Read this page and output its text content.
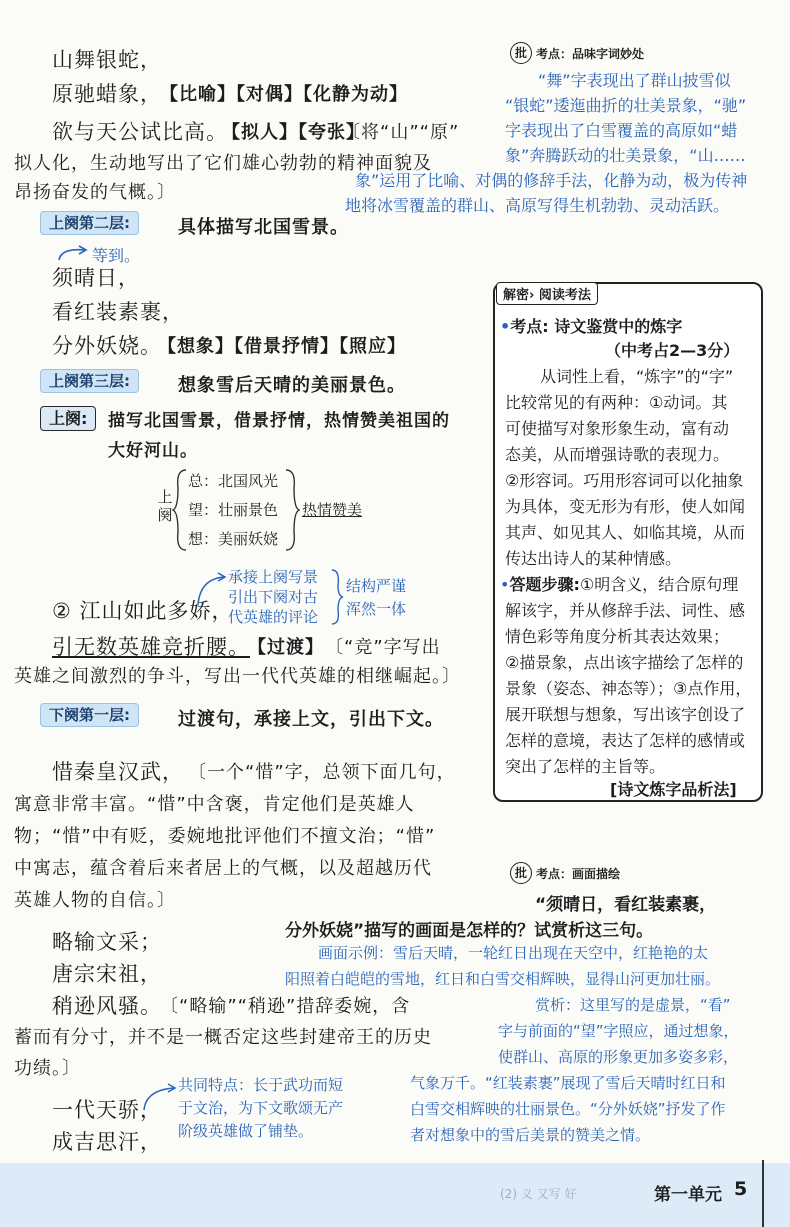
山舞银蛇，
原驰蜡象，
【比喻】【对偶】【化静为动】
欲与天公试比高。
【拟人】【夸张】
〔将“山”“原”
拟人化，生动地写出了它们雄心勃勃的精神面貌及
昂扬奋发的气概。〕
上阕第二层:	具体描写北国雪景。
等到。
须晴日，
看红装素裹，
分外妖娆。
【想象】【借景抒情】【照应】
上阕第三层:	想象雪后天晴的美丽景色。
上阕:	描写北国雪景，借景抒情，热情赞美祖国的
大好河山。
上阕
总：北国风光
望：壮丽景色
想：美丽妖娆
热情赞美
② 江山如此多娇，
承接上阕写景
引出下阕对古
代英雄的评论
结构严谨
浑然一体
引无数英雄竞折腰。
【过渡】 〔“竞”字写出
英雄之间激烈的争斗，写出一代代英雄的相继崛起。〕
下阕第一层:	过渡句，承接上文，引出下文。
惜秦皇汉武， 〔一个“惜”字，总领下面几句，
寓意非常丰富。“惜”中含褒，肯定他们是英雄人
物；“惜”中有贬，委婉地批评他们不擅文治；“惜”
中寓志，蕴含着后来者居上的气概，以及超越历代
英雄人物的自信。〕
略输文采；
唐宗宋祖，
稍逊风骚。
〔“略输”“稍逊”措辞委婉，含
蓄而有分寸，并不是一概否定这些封建帝王的历史
功绩。〕
一代天骄，
成吉思汗，
共同特点：长于武功而短
于文治，为下文歌颂无产
阶级英雄做了铺垫。
批 考点：品味字词妙处
“舞”字表现出了群山披雪似
“银蛇”逶迤曲折的壮美景象，“驰”
字表现出了白雪覆盖的高原如“蜡
象”奔腾跃动的壮美景象，“山……
象”运用了比喻、对偶的修辞手法，化静为动，极为传神
地将冰雪覆盖的群山、高原写得生机勃勃、灵动活跃。
解密› 阅读考法
•考点: 诗文鉴赏中的炼字
（中考占2—3分）
从词性上看，“炼字”的“字”
比较常见的有两种：①动词。其
可使描写对象形象生动，富有动
态美，从而增强诗歌的表现力。
②形容词。巧用形容词可以化抽象
为具体，变无形为有形，使人如闻
其声、如见其人、如临其境，从而
传达出诗人的某种情感。
•答题步骤:①明含义，结合原句理
解该字，并从修辞手法、词性、感
情色彩等角度分析其表达效果；
②描景象，点出该字描绘了怎样的
景象（姿态、神态等）；③点作用，
展开联想与想象，写出该字创设了
怎样的意境，表达了怎样的感情或
突出了怎样的主旨等。
[诗文炼字品析法]
批 考点：画面描绘
“须晴日，看红装素裹，
分外妖娆”描写的画面是怎样的？试赏析这三句。
画面示例：雪后天晴，一轮红日出现在天空中，红艳艳的太
阳照着白皑皑的雪地，红日和白雪交相辉映，显得山河更加壮丽。
赏析：这里写的是虚景，“看”
字与前面的“望”字照应，通过想象，
使群山、高原的形象更加多姿多彩，
气象万千。“红装素裹”展现了雪后天晴时红日和
白雪交相辉映的壮丽景色。“分外妖娆”抒发了作
者对想象中的雪后美景的赞美之情。
(2) 义 又写 好	第一单元 5
